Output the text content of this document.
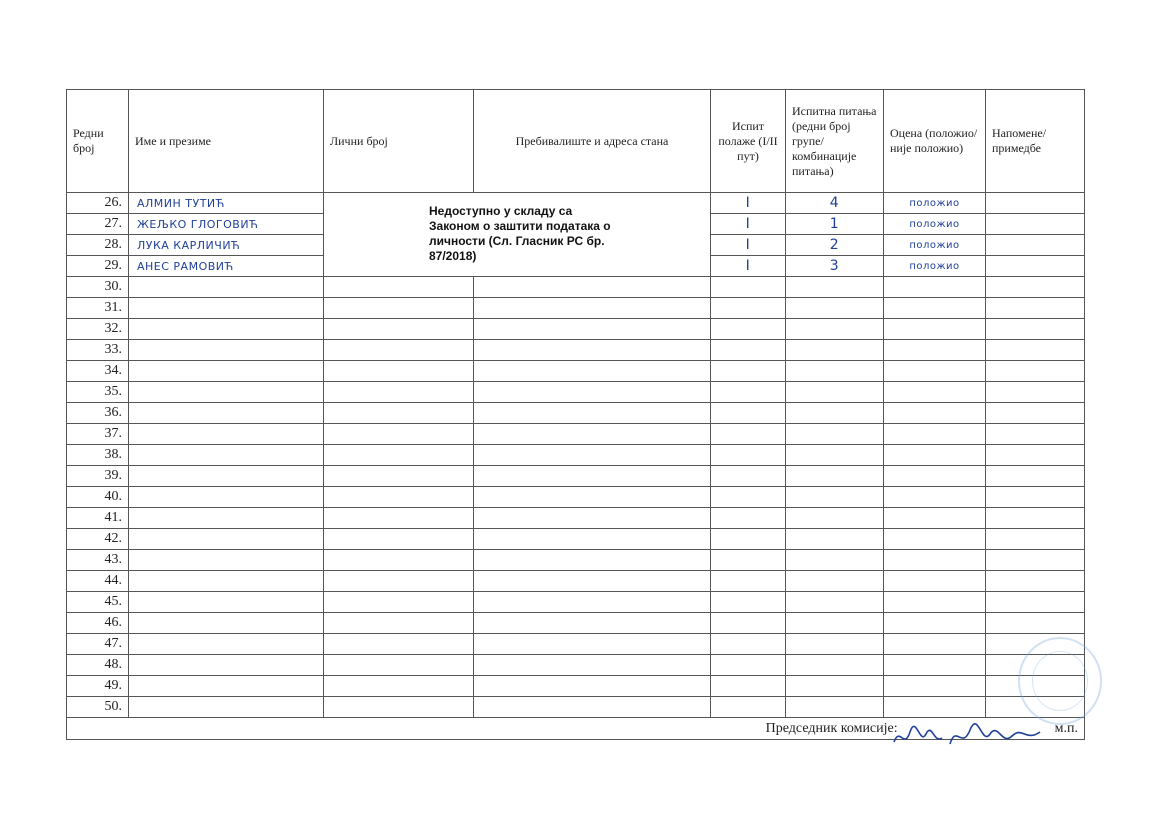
Редни број	Име и презиме	Лични број	Пребивалиште и адреса стана	Испит полаже (I/II пут)	Испитна питања (редни број групе/ комбинације питања)	Оцена (положио/ није положио)	Напомене/ примедбе
26.	АЛМИН ТУТИЋ	Недоступно у складу са Законом о заштити података о личности (Сл. Гласник РС бр. 87/2018)		I	4	положио	
27.	ЖЕЉКО ГЛОГОВИЋ			I	1	положио	
28.	ЛУКА КАРЛИЧИЋ			I	2	положио	
29.	АНЕС РАМОВИЋ			I	3	положио	
30.							
31.							
32.							
33.							
34.							
35.							
36.							
37.							
38.							
39.							
40.							
41.							
42.							
43.							
44.							
45.							
46.							
47.							
48.							
49.							
50.							
Председник комисије: м.п.							
